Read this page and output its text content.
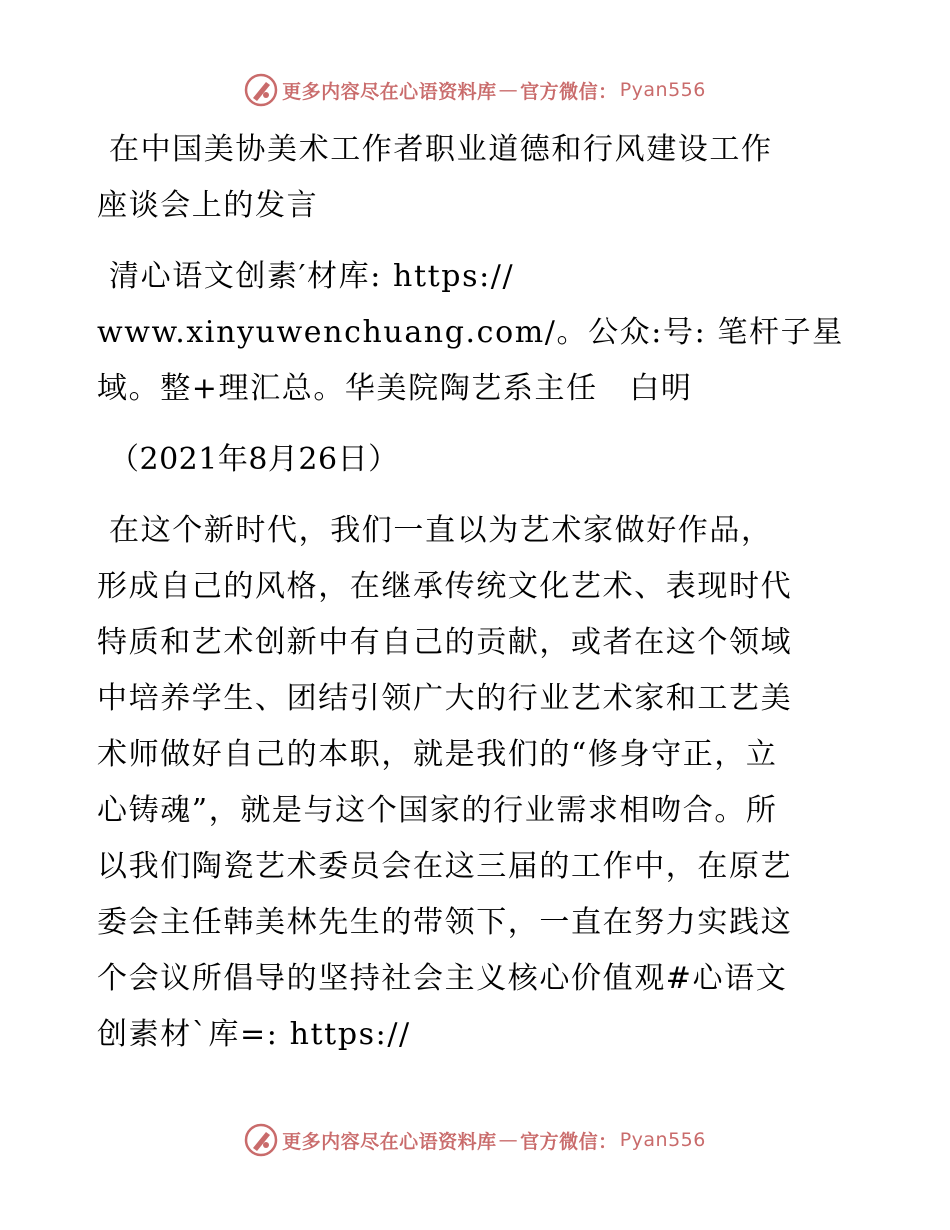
更多内容尽在心语资料库 — 官方微信： Pyan556

在中国美协美术工作者职业道德和行风建设工作
座谈会上的发言

清心语文创素′材库: https://
www.xinyuwenchuang.com/。公众:号: 笔杆子星
域。整+理汇总。华美院陶艺系主任　白明

（2021年8月26日）

在这个新时代，我们一直以为艺术家做好作品，
形成自己的风格，在继承传统文化艺术、表现时代
特质和艺术创新中有自己的贡献，或者在这个领域
中培养学生、团结引领广大的行业艺术家和工艺美
术师做好自己的本职，就是我们的“修身守正，立
心铸魂”，就是与这个国家的行业需求相吻合。所
以我们陶瓷艺术委员会在这三届的工作中，在原艺
委会主任韩美林先生的带领下，一直在努力实践这
个会议所倡导的坚持社会主义核心价值观#心语文
创素材`库=: https://

更多内容尽在心语资料库 — 官方微信： Pyan556
